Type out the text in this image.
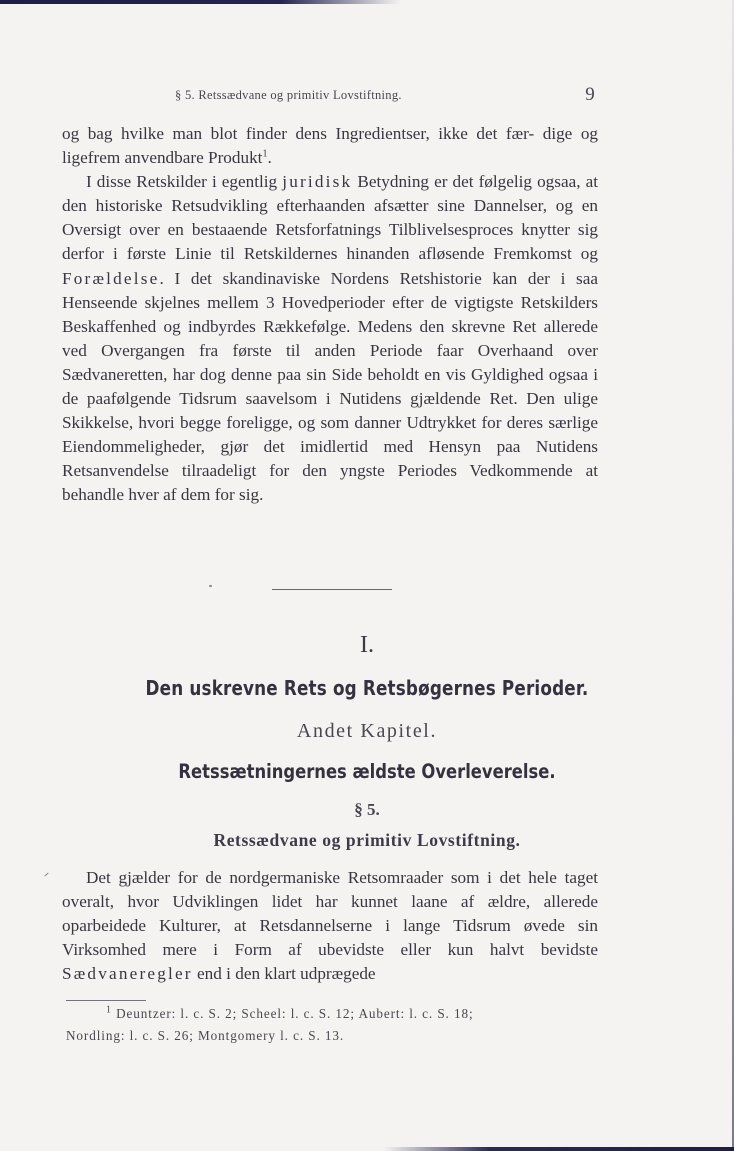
§ 5. Retssædvane og primitiv Lovstiftning.	9

og bag hvilke man blot finder dens Ingredientser, ikke det fær- dige og ligefrem anvendbare Produkt$^1$.

I disse Retskilder i egentlig juridisk Betydning er det følgelig ogsaa, at den historiske Retsudvikling efterhaanden afsætter sine Dannelser, og en Oversigt over en bestaaende Retsforfatnings Tilblivelsesproces knytter sig derfor i første Linie til Retskildernes hinanden afløsende Fremkomst og Forældelse. I det skandinaviske Nordens Retshistorie kan der i saa Henseende skjelnes mellem 3 Hovedperioder efter de vigtigste Retskilders Beskaffenhed og indbyrdes Rækkefølge. Medens den skrevne Ret allerede ved Overgangen fra første til anden Periode faar Overhaand over Sædvaneretten, har dog denne paa sin Side beholdt en vis Gyldighed ogsaa i de paafølgende Tidsrum saavelsom i Nutidens gjældende Ret. Den ulige Skikkelse, hvori begge foreligge, og som danner Udtrykket for deres særlige Eiendommeligheder, gjør det imidlertid med Hensyn paa Nutidens Retsanvendelse tilraadeligt for den yngste Periodes Vedkommende at behandle hver af dem for sig.

I.
Den uskrevne Rets og Retsbøgernes Perioder.
Andet Kapitel.
Retssætningernes ældste Overleverelse.
§ 5.
Retssædvane og primitiv Lovstiftning.

Det gjælder for de nordgermaniske Retsomraader som i det hele taget overalt, hvor Udviklingen lidet har kunnet laane af ældre, allerede oparbeidede Kulturer, at Retsdannelserne i lange Tidsrum øvede sin Virksomhed mere i Form af ubevidste eller kun halvt bevidste Sædvaneregler end i den klart udprægede

$^1$ Deuntzer: l. c. S. 2; Scheel: l. c. S. 12; Aubert: l. c. S. 18;

Nordling: l. c. S. 26; Montgomery l. c. S. 13.
